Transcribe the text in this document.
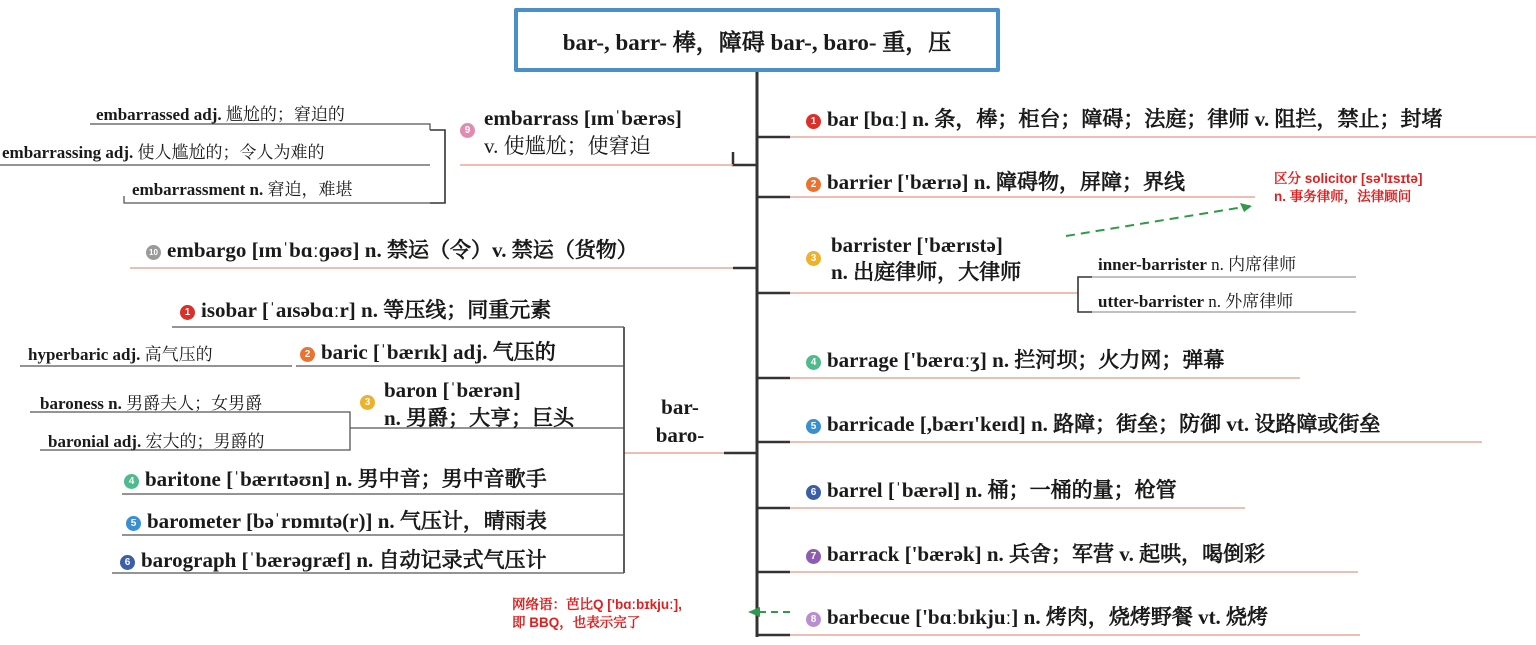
bar-, barr- 棒，障碍 bar-, baro- 重，压
1 bar [bɑː] n. 条，棒；柜台；障碍；法庭；律师 v. 阻拦，禁止；封堵
2 barrier ['bærɪə] n. 障碍物，屏障；界线
3
barrister ['bærɪstə]
n. 出庭律师，大律师	inner-barrister n. 内席律师
utter-barrister n. 外席律师
4 barrage ['bærɑːʒ] n. 拦河坝；火力网；弹幕
5 barricade [,bærɪ'keɪd] n. 路障；街垒；防御 vt. 设路障或街垒
6 barrel [ˈbærəl] n. 桶；一桶的量；枪管
7 barrack ['bærək] n. 兵舍；军营 v. 起哄，喝倒彩
8 barbecue ['bɑːbɪkjuː] n. 烤肉，烧烤野餐 vt. 烧烤
区分 solicitor [sə'lɪsɪtə]
n. 事务律师，法律顾问
网络语：芭比Q ['bɑːbɪkjuː],
即 BBQ，也表示完了
9
embarrass [ɪmˈbærəs]
v. 使尴尬；使窘迫
embarrassed adj. 尴尬的；窘迫的
embarrassing adj. 使人尴尬的；令人为难的
embarrassment n. 窘迫，难堪
10 embargo [ɪmˈbɑːɡəʊ] n. 禁运（令）v. 禁运（货物）
bar-
baro-
1 isobar [ˈaɪsəbɑːr] n. 等压线；同重元素
2 baric [ˈbærɪk] adj. 气压的
hyperbaric adj. 高气压的
3
baron [ˈbærən]
n. 男爵；大亨；巨头
baroness n. 男爵夫人；女男爵
baronial adj. 宏大的；男爵的
4 baritone [ˈbærɪtəʊn] n. 男中音；男中音歌手
5 barometer [bəˈrɒmɪtə(r)] n. 气压计，晴雨表
6 barograph [ˈbærəɡræf] n. 自动记录式气压计
